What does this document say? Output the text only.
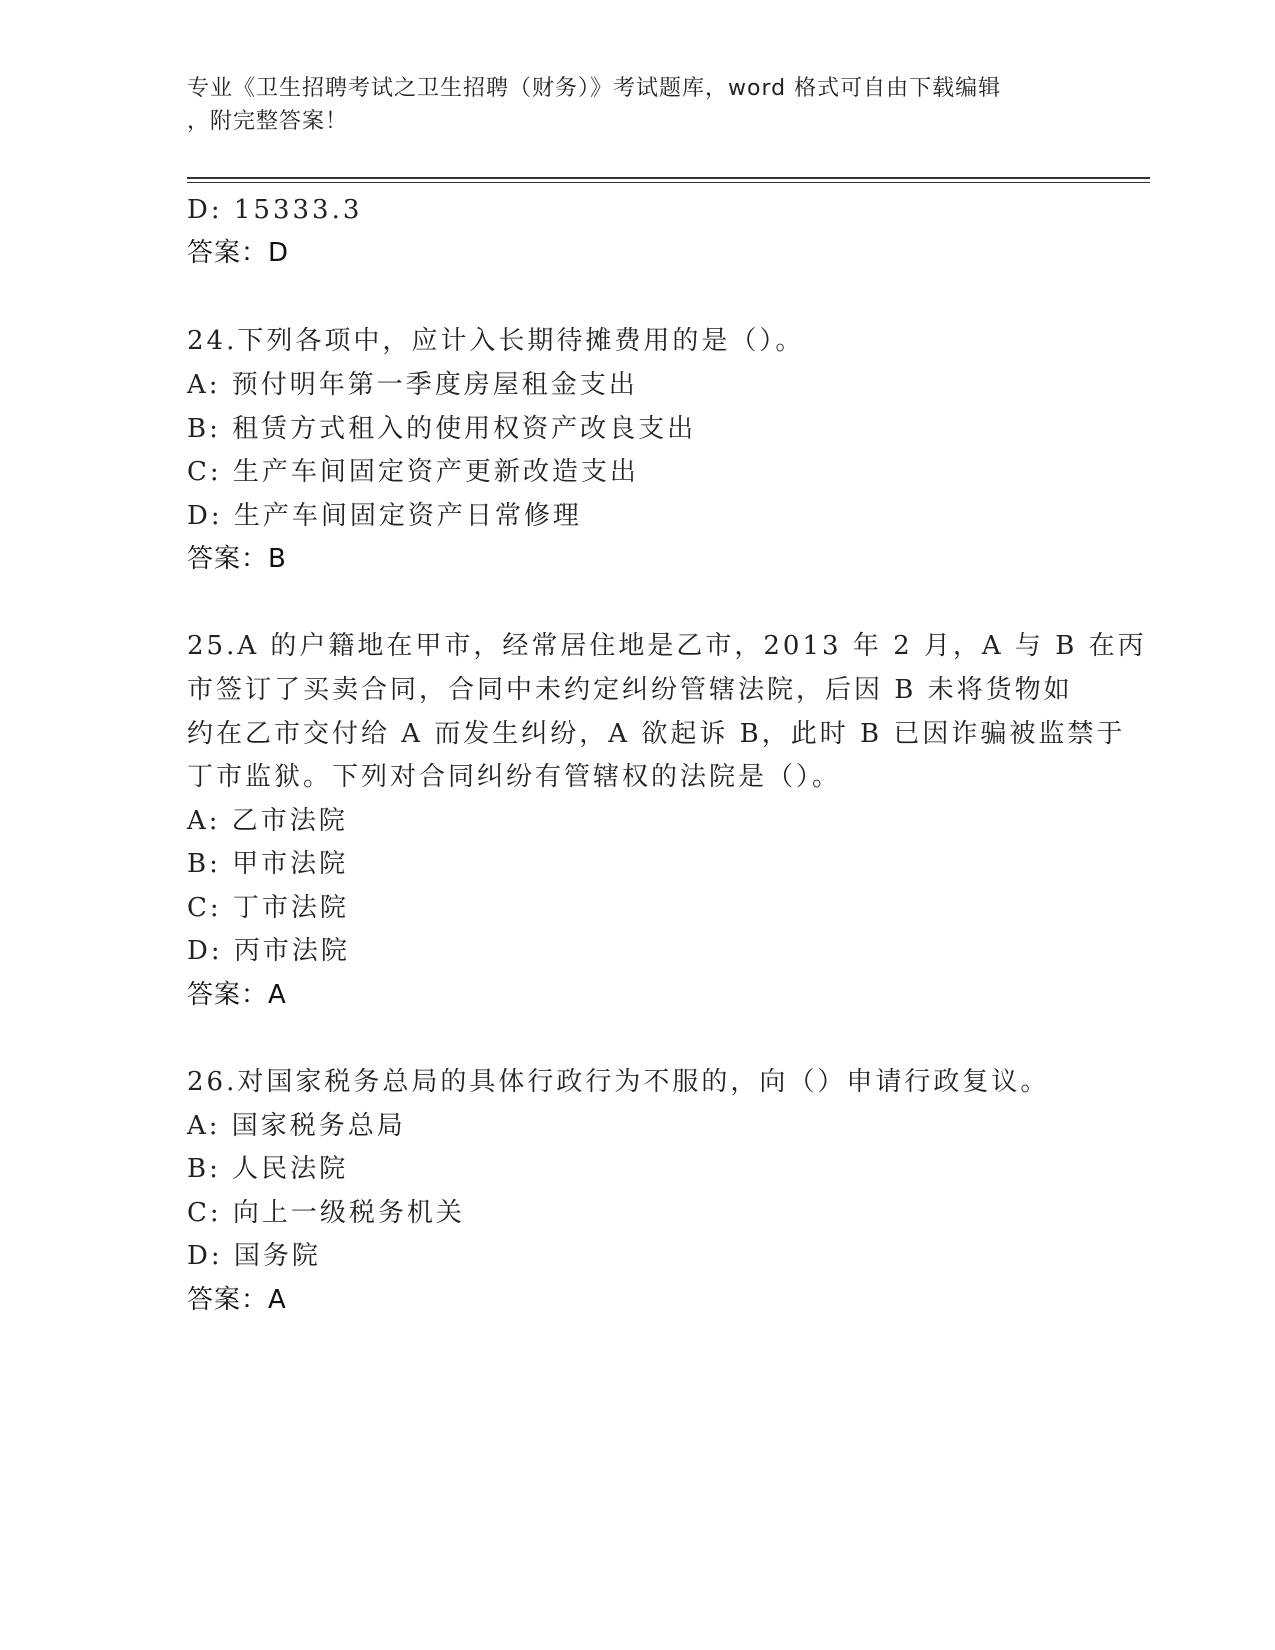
专业《卫生招聘考试之卫生招聘（财务）》考试题库，word 格式可自由下载编辑
，附完整答案！
D: 15333.3
答案：D
24.下列各项中，应计入长期待摊费用的是（）。
A: 预付明年第一季度房屋租金支出
B: 租赁方式租入的使用权资产改良支出
C: 生产车间固定资产更新改造支出
D: 生产车间固定资产日常修理
答案：B
25.A 的户籍地在甲市，经常居住地是乙市，2013 年 2 月，A 与 B 在丙
市签订了买卖合同，合同中未约定纠纷管辖法院，后因 B 未将货物如
约在乙市交付给 A 而发生纠纷，A 欲起诉 B，此时 B 已因诈骗被监禁于
丁市监狱。下列对合同纠纷有管辖权的法院是（）。
A: 乙市法院
B: 甲市法院
C: 丁市法院
D: 丙市法院
答案：A
26.对国家税务总局的具体行政行为不服的，向（）申请行政复议。
A: 国家税务总局
B: 人民法院
C: 向上一级税务机关
D: 国务院
答案：A
